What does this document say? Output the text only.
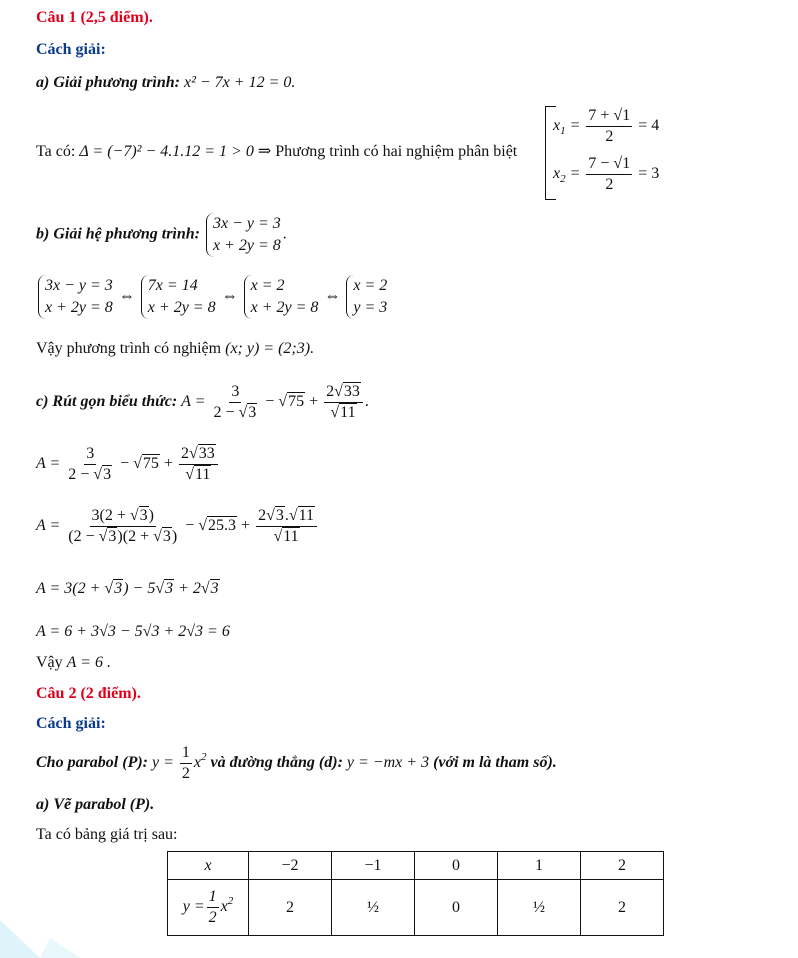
Câu 1 (2,5 điểm).
Cách giải:
a) Giải phương trình: x² − 7x + 12 = 0.
Ta có: Δ = (−7)² − 4.1.12 = 1 > 0 ⇒ Phương trình có hai nghiệm phân biệt
$x_1 = \frac{7 + √1}{2} = 4$
$x_2 = \frac{7 - √1}{2} = 3$
b) Giải hệ phương trình:
3x − y = 3
x + 2y = 8
.
3x − y = 3
x + 2y = 8
⇔
7x = 14
x + 2y = 8
⇔
x = 2
x + 2y = 8
⇔
x = 2
y = 3
Vậy phương trình có nghiệm (x; y) = (2;3).
c) Rút gọn biểu thức: $A = \frac{3}{2 - √3} - √75 + \frac{2√33}{√11}$ .
$A = \frac{3}{2 - √3} - √75 + \frac{2√33}{√11}$
$A = \frac{3(2 + √3)}{(2 - √3)(2 + √3)} - √25.3 + \frac{2√3.√11}{√11}$
A = 3(2 + √3) − 5√3 + 2√3
A = 6 + 3√3 − 5√3 + 2√3 = 6
Vậy A = 6 .
Câu 2 (2 điểm).
Cách giải:
Cho parabol (P): $y = \frac{1}{2} x^2$ và đường thẳng (d): y = −mx + 3 (với m là tham số).
a) Vẽ parabol (P).
Ta có bảng giá trị sau:
x	−2	−1	0	1	2
$y = \frac{1}{2} x^2$	2	½	0	½	2
